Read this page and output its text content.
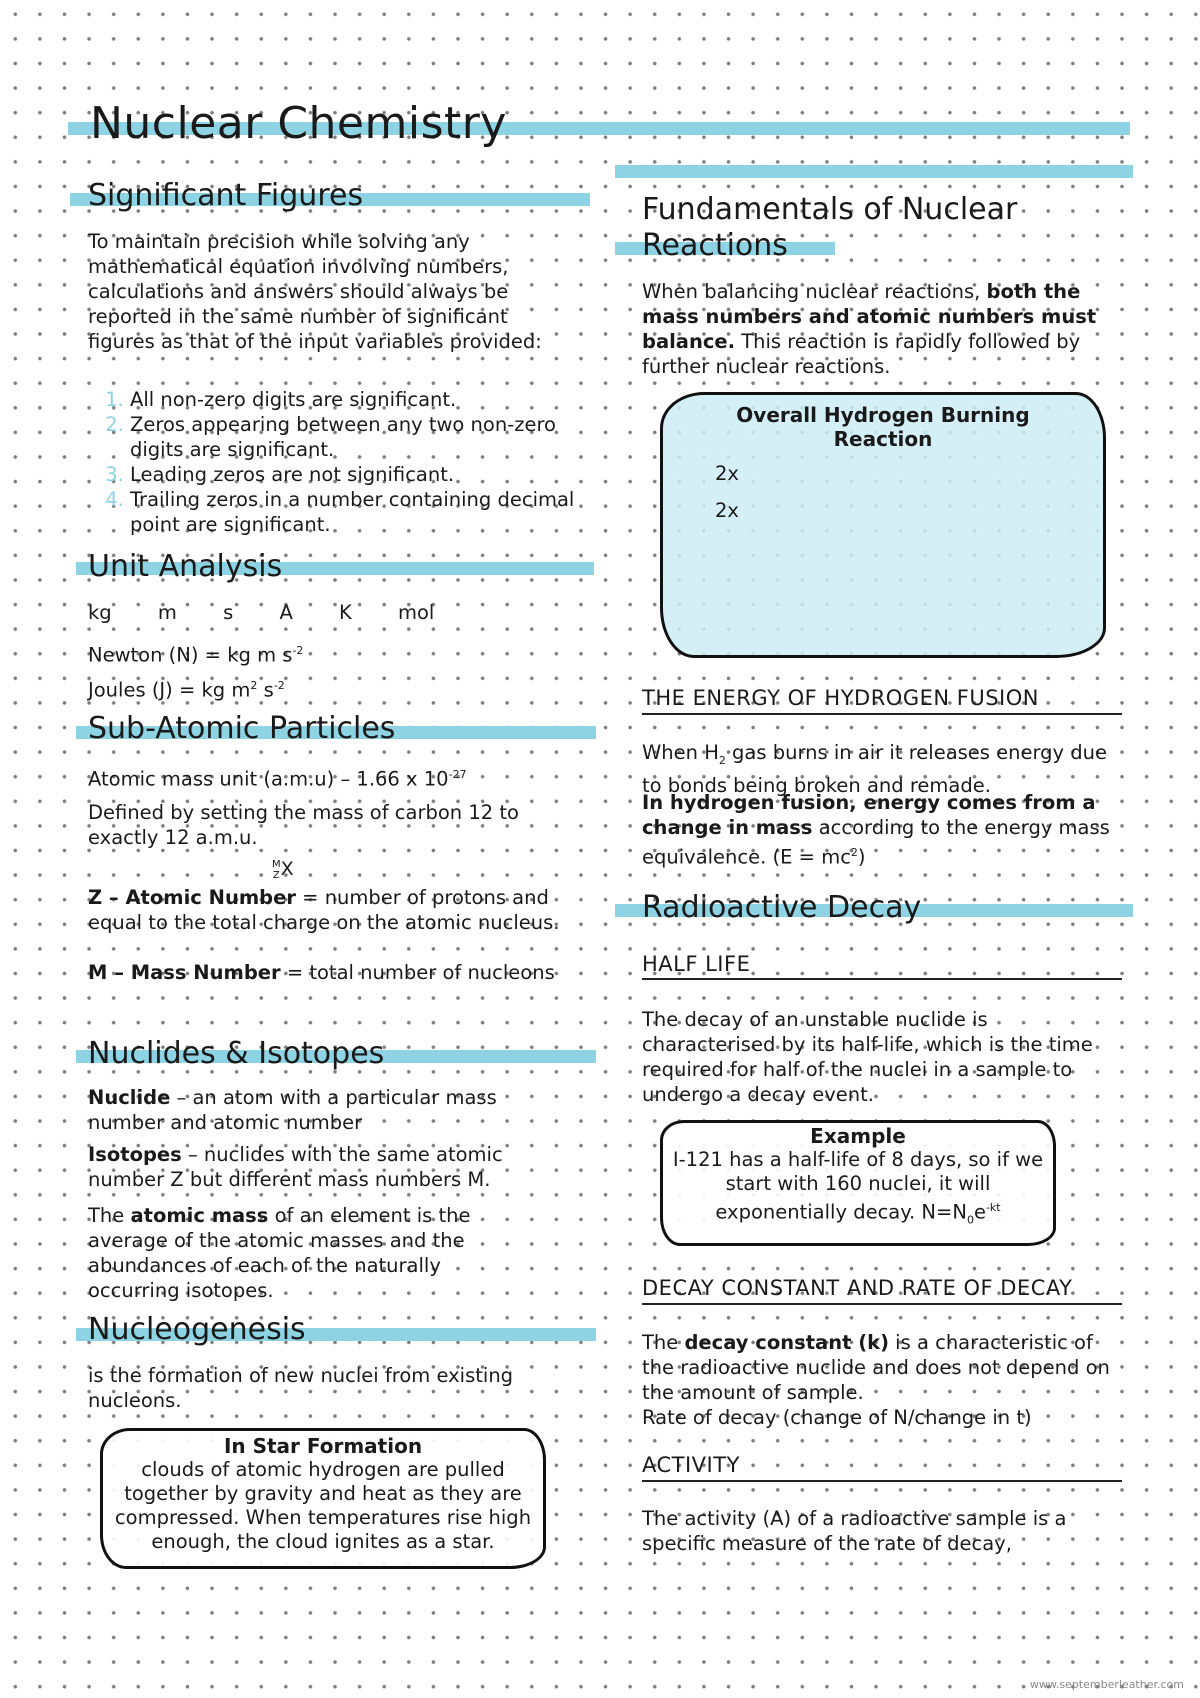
Nuclear Chemistry
Significant Figures
To maintain precision while solving any mathematical equation involving numbers, calculations and answers should always be reported in the same number of significant figures as that of the input variables provided:
1. All non-zero digits are significant.
2. Zeros appearing between any two non-zero digits are significant.
3. Leading zeros are not significant.
4. Trailing zeros in a number containing decimal point are significant.
Unit Analysis
kg m s A K mol
Newton (N) = kg m $s^{-2}$
Joules (J) = kg $m^2$ $s^{-2}$
Sub-Atomic Particles
Atomic mass unit (a.m.u) – 1.66 x $10^{-27}$
Defined by setting the mass of carbon 12 to exactly 12 a.m.u.
M
ZX
Z – Atomic Number = number of protons and equal to the total charge on the atomic nucleus.
M – Mass Number = total number of nucleons
Nuclides & Isotopes
Nuclide – an atom with a particular mass number and atomic number
Isotopes – nuclides with the same atomic number Z but different mass numbers M.
The atomic mass of an element is the average of the atomic masses and the abundances of each of the naturally occurring isotopes.
Nucleogenesis
is the formation of new nuclei from existing nucleons.
In Star Formation
clouds of atomic hydrogen are pulled together by gravity and heat as they are compressed. When temperatures rise high enough, the cloud ignites as a star.
Fundamentals of Nuclear Reactions
When balancing nuclear reactions, both the mass numbers and atomic numbers must balance. This reaction is rapidly followed by further nuclear reactions.
Overall Hydrogen Burning Reaction
2x
2x
THE ENERGY OF HYDROGEN FUSION
When $H_2$ gas burns in air it releases energy due to bonds being broken and remade.
In hydrogen fusion, energy comes from a change in mass according to the energy mass equivalence. $(E = mc^2)$
Radioactive Decay
HALF LIFE
The decay of an unstable nuclide is characterised by its half-life, which is the time required for half of the nuclei in a sample to undergo a decay event.
Example
I-121 has a half-life of 8 days, so if we start with 160 nuclei, it will exponentially decay. $N=N_0e^{-kt}$
DECAY CONSTANT AND RATE OF DECAY
The decay constant (k) is a characteristic of the radioactive nuclide and does not depend on the amount of sample.
Rate of decay (change of N/change in t)
ACTIVITY
The activity (A) of a radioactive sample is a specific measure of the rate of decay,
www.septemberleather.com
